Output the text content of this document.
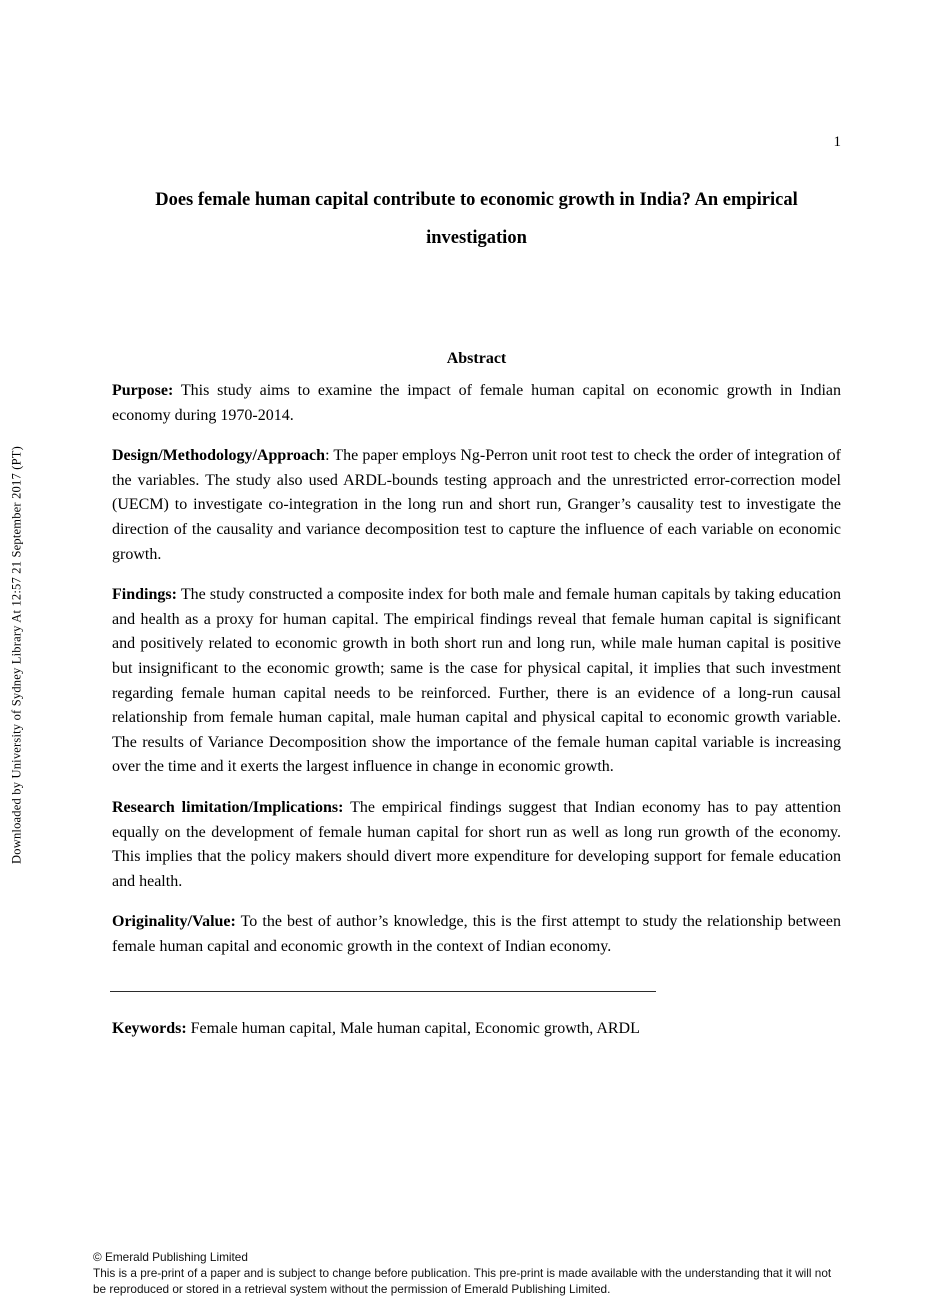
Downloaded by University of Sydney Library At 12:57 21 September 2017 (PT)
1
Does female human capital contribute to economic growth in India? An empirical investigation
Abstract

Purpose: This study aims to examine the impact of female human capital on economic growth in Indian economy during 1970-2014.

Design/Methodology/Approach: The paper employs Ng-Perron unit root test to check the order of integration of the variables. The study also used ARDL-bounds testing approach and the unrestricted error-correction model (UECM) to investigate co-integration in the long run and short run, Granger’s causality test to investigate the direction of the causality and variance decomposition test to capture the influence of each variable on economic growth.

Findings: The study constructed a composite index for both male and female human capitals by taking education and health as a proxy for human capital. The empirical findings reveal that female human capital is significant and positively related to economic growth in both short run and long run, while male human capital is positive but insignificant to the economic growth; same is the case for physical capital, it implies that such investment regarding female human capital needs to be reinforced. Further, there is an evidence of a long-run causal relationship from female human capital, male human capital and physical capital to economic growth variable. The results of Variance Decomposition show the importance of the female human capital variable is increasing over the time and it exerts the largest influence in change in economic growth.

Research limitation/Implications: The empirical findings suggest that Indian economy has to pay attention equally on the development of female human capital for short run as well as long run growth of the economy. This implies that the policy makers should divert more expenditure for developing support for female education and health.

Originality/Value: To the best of author’s knowledge, this is the first attempt to study the relationship between female human capital and economic growth in the context of Indian economy.

Keywords: Female human capital, Male human capital, Economic growth, ARDL

© Emerald Publishing Limited
This is a pre-print of a paper and is subject to change before publication. This pre-print is made available with the understanding that it will not be reproduced or stored in a retrieval system without the permission of Emerald Publishing Limited.
